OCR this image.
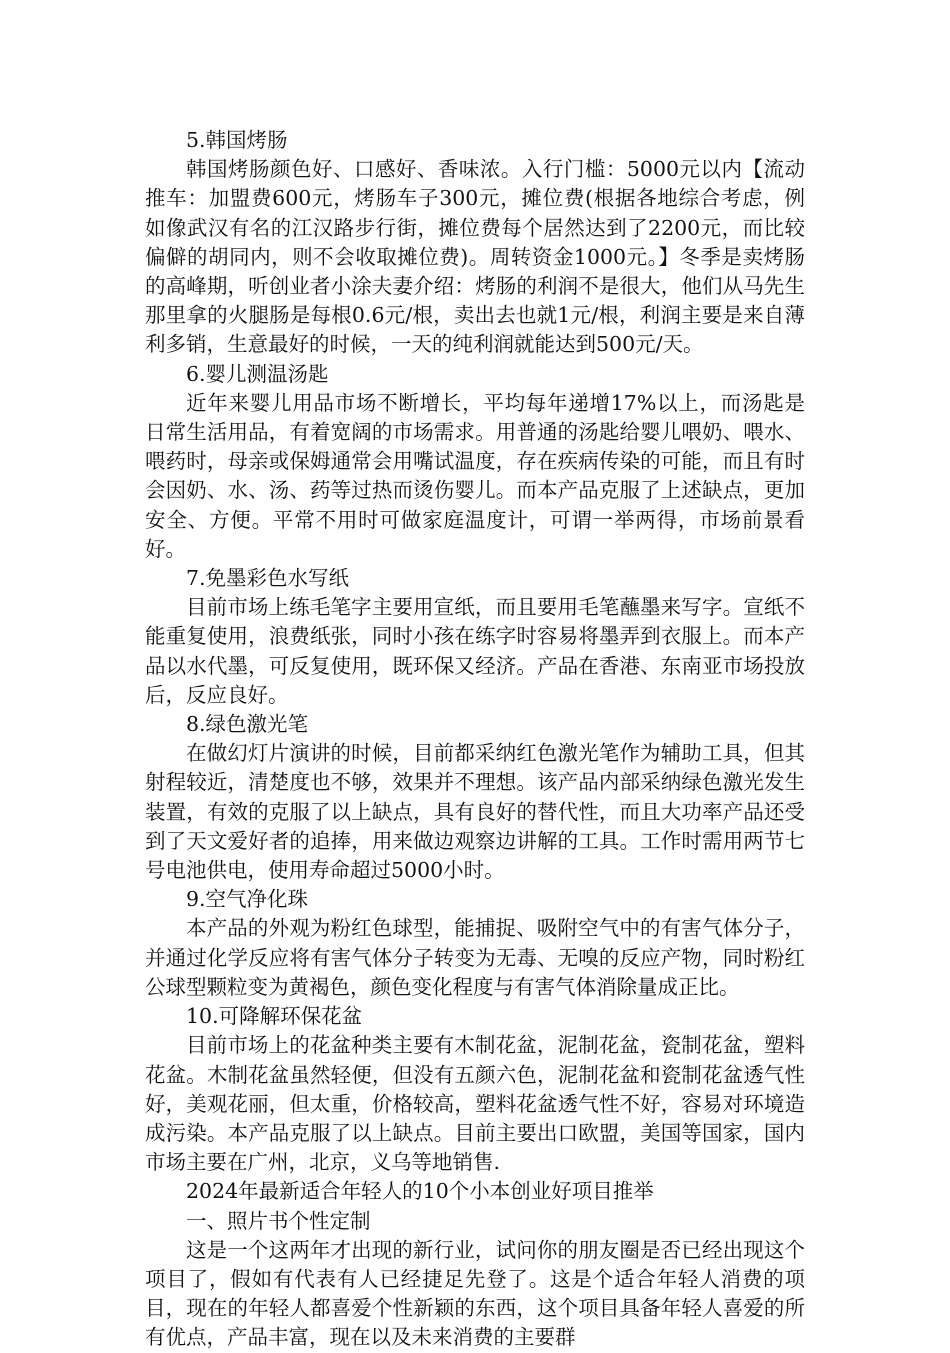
5.韩国烤肠

韩国烤肠颜色好、口感好、香味浓。入行门槛：5000元以内【流动推车：加盟费600元，烤肠车子300元，摊位费(根据各地综合考虑，例如像武汉有名的江汉路步行街，摊位费每个居然达到了2200元，而比较偏僻的胡同内，则不会收取摊位费)。周转资金1000元。】冬季是卖烤肠的高峰期，听创业者小涂夫妻介绍：烤肠的利润不是很大，他们从马先生那里拿的火腿肠是每根0.6元/根，卖出去也就1元/根，利润主要是来自薄利多销，生意最好的时候，一天的纯利润就能达到500元/天。

6.婴儿测温汤匙

近年来婴儿用品市场不断增长，平均每年递增17%以上，而汤匙是日常生活用品，有着宽阔的市场需求。用普通的汤匙给婴儿喂奶、喂水、喂药时，母亲或保姆通常会用嘴试温度，存在疾病传染的可能，而且有时会因奶、水、汤、药等过热而烫伤婴儿。而本产品克服了上述缺点，更加安全、方便。平常不用时可做家庭温度计，可谓一举两得，市场前景看好。

7.免墨彩色水写纸

目前市场上练毛笔字主要用宣纸，而且要用毛笔蘸墨来写字。宣纸不能重复使用，浪费纸张，同时小孩在练字时容易将墨弄到衣服上。而本产品以水代墨，可反复使用，既环保又经济。产品在香港、东南亚市场投放后，反应良好。

8.绿色激光笔

在做幻灯片演讲的时候，目前都采纳红色激光笔作为辅助工具，但其射程较近，清楚度也不够，效果并不理想。该产品内部采纳绿色激光发生装置，有效的克服了以上缺点，具有良好的替代性，而且大功率产品还受到了天文爱好者的追捧，用来做边观察边讲解的工具。工作时需用两节七号电池供电，使用寿命超过5000小时。

9.空气净化珠

本产品的外观为粉红色球型，能捕捉、吸附空气中的有害气体分子，并通过化学反应将有害气体分子转变为无毒、无嗅的反应产物，同时粉红公球型颗粒变为黄褐色，颜色变化程度与有害气体消除量成正比。

10.可降解环保花盆

目前市场上的花盆种类主要有木制花盆，泥制花盆，瓷制花盆，塑料花盆。木制花盆虽然轻便，但没有五颜六色，泥制花盆和瓷制花盆透气性好，美观花丽，但太重，价格较高，塑料花盆透气性不好，容易对环境造成污染。本产品克服了以上缺点。目前主要出口欧盟，美国等国家，国内市场主要在广州，北京，义乌等地销售.

2024年最新适合年轻人的10个小本创业好项目推举

一、照片书个性定制

这是一个这两年才出现的新行业，试问你的朋友圈是否已经出现这个项目了，假如有代表有人已经捷足先登了。这是个适合年轻人消费的项目，现在的年轻人都喜爱个性新颖的东西，这个项目具备年轻人喜爱的所有优点，产品丰富，现在以及未来消费的主要群
